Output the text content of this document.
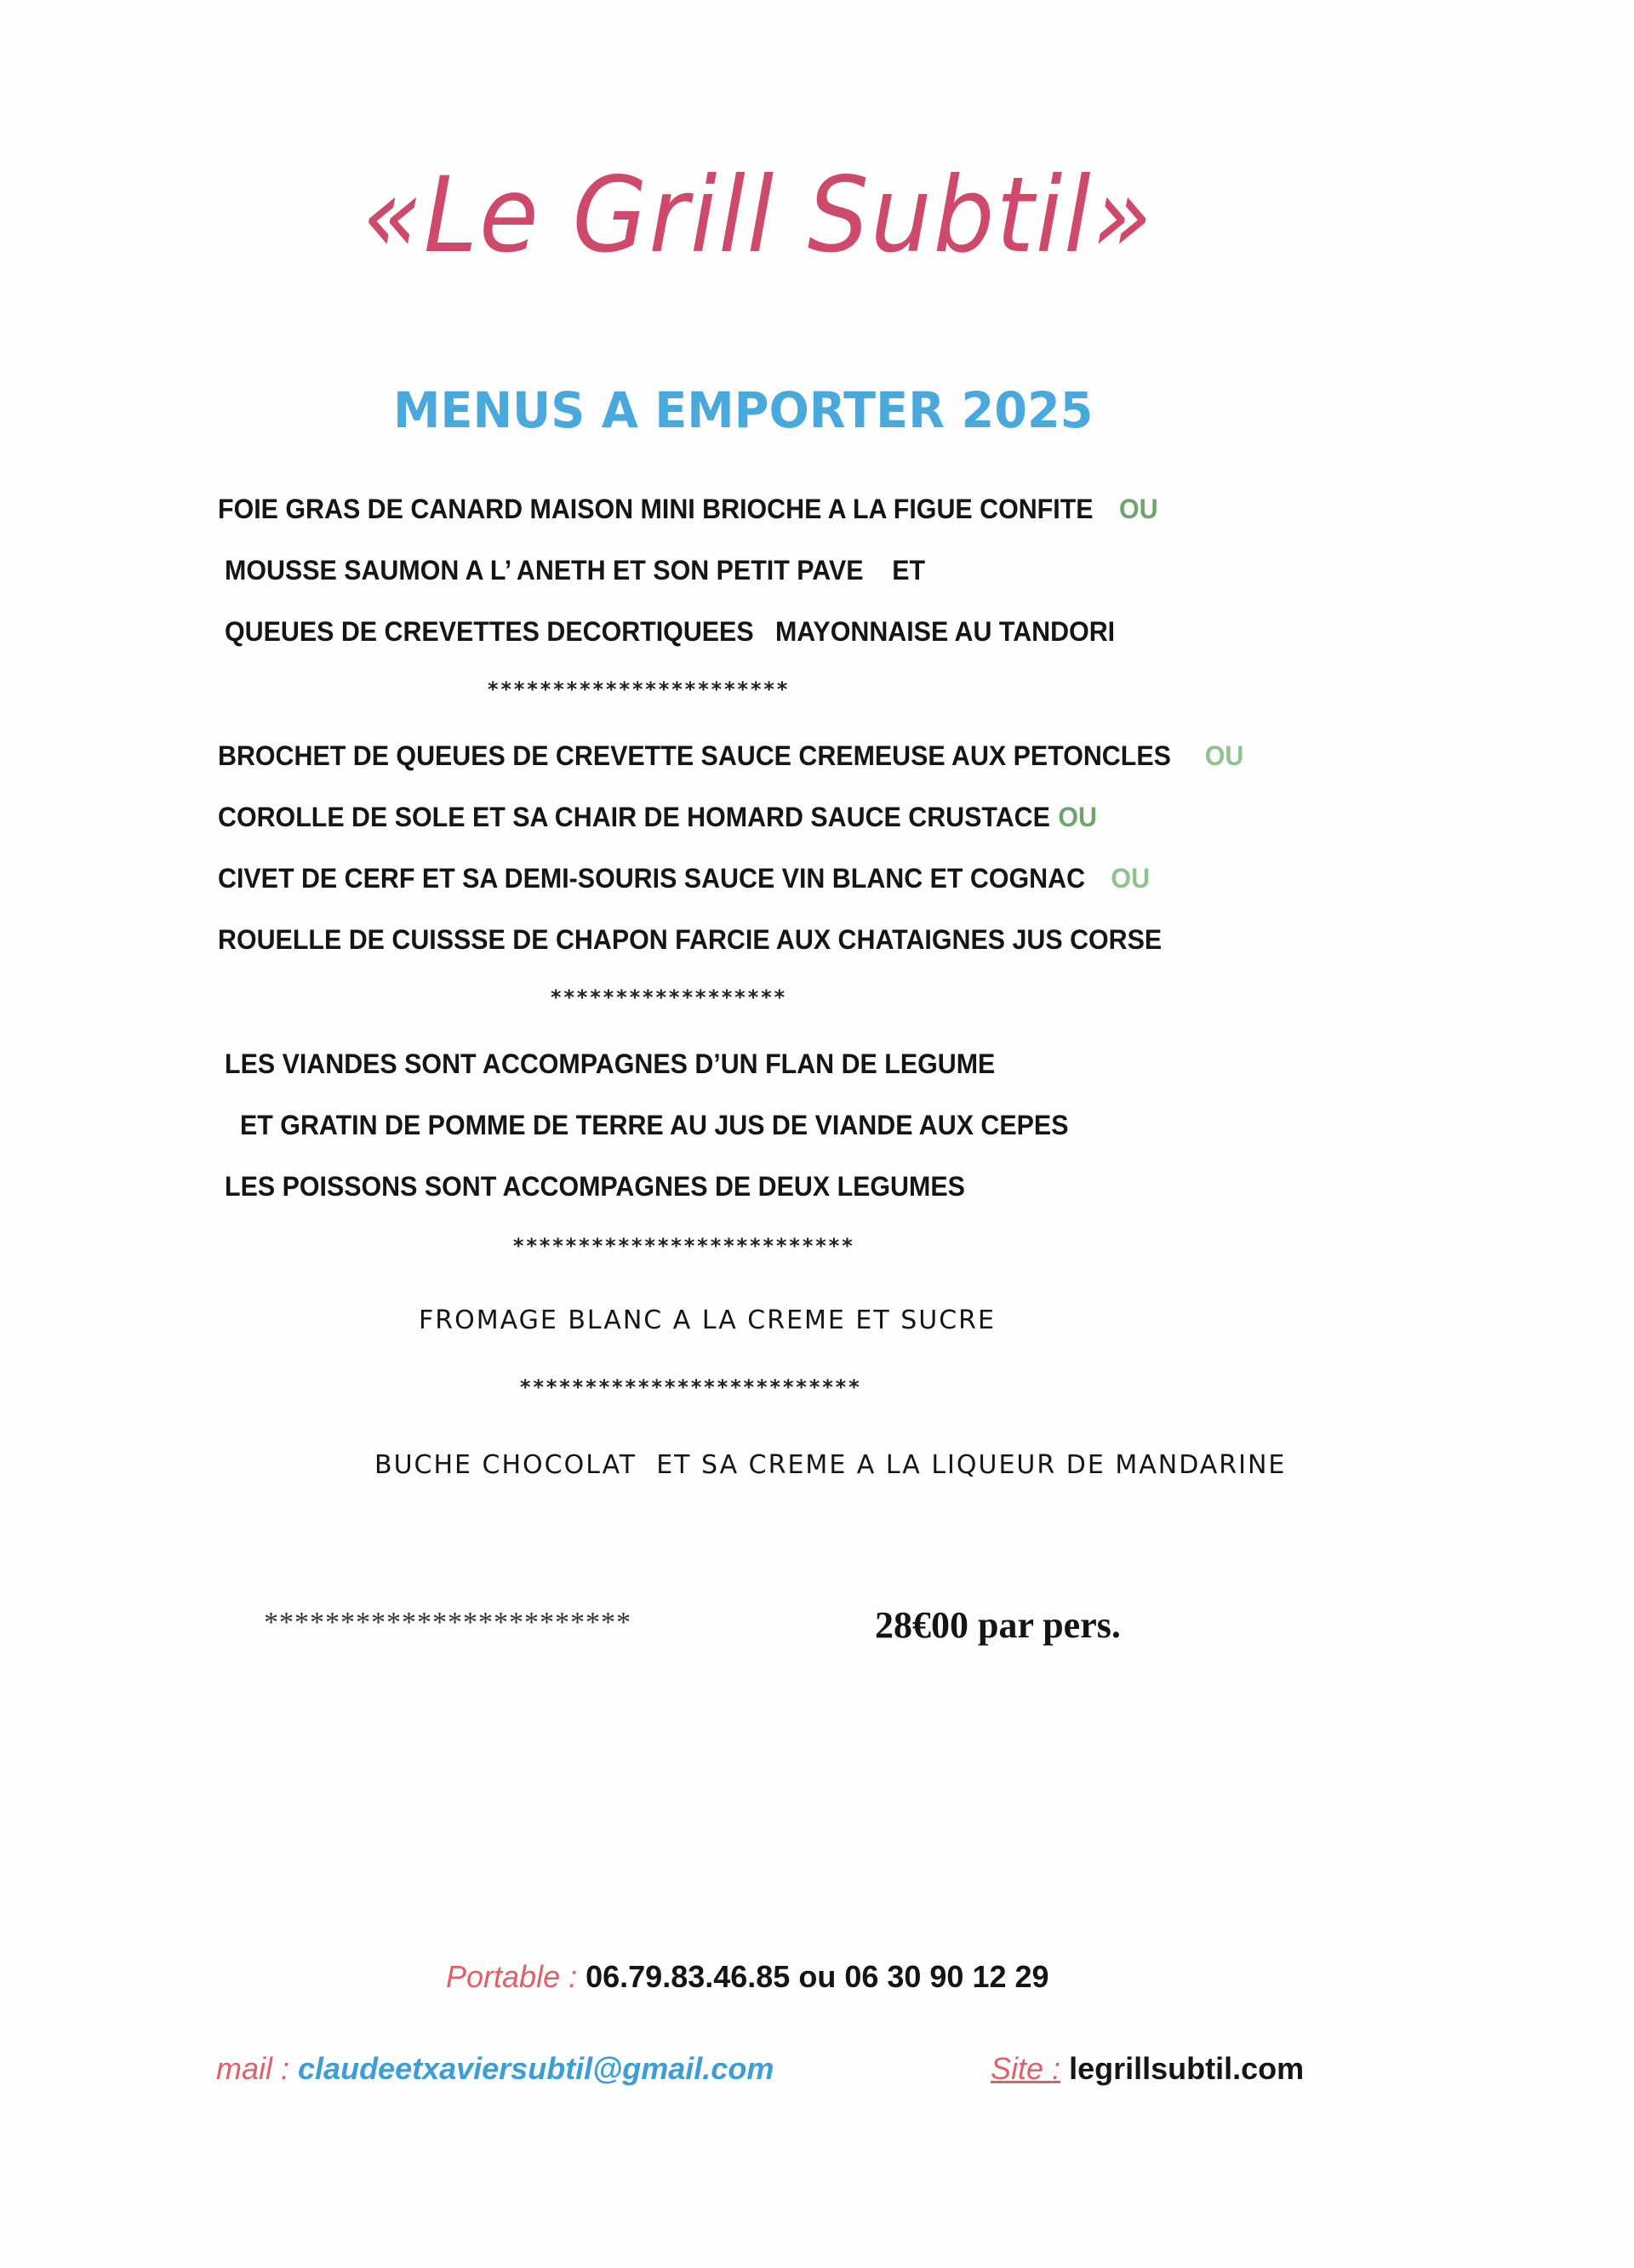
«Le Grill Subtil»
MENUS A EMPORTER 2025
FOIE GRAS DE CANARD MAISON MINI BRIOCHE A LA FIGUE CONFITE OU
MOUSSE SAUMON A L’ ANETH ET SON PETIT PAVE    ET
QUEUES DE CREVETTES DECORTIQUEES   MAYONNAISE AU TANDORI
***********************
BROCHET DE QUEUES DE CREVETTE SAUCE CREMEUSE AUX PETONCLES OU
COROLLE DE SOLE ET SA CHAIR DE HOMARD SAUCE CRUSTACE OU
CIVET DE CERF ET SA DEMI-SOURIS SAUCE VIN BLANC ET COGNAC OU
ROUELLE DE CUISSSE DE CHAPON FARCIE AUX CHATAIGNES JUS CORSE
******************
LES VIANDES SONT ACCOMPAGNES D’UN FLAN DE LEGUME
ET GRATIN DE POMME DE TERRE AU JUS DE VIANDE AUX CEPES
LES POISSONS SONT ACCOMPAGNES DE DEUX LEGUMES
**************************
FROMAGE BLANC A LA CREME ET SUCRE
**************************
BUCHE CHOCOLAT  ET SA CREME A LA LIQUEUR DE MANDARINE
************************	28€00 par pers.
Portable : 06.79.83.46.85 ou 06 30 90 12 29
mail : claudeetxaviersubtil@gmail.com	Site : legrillsubtil.com
